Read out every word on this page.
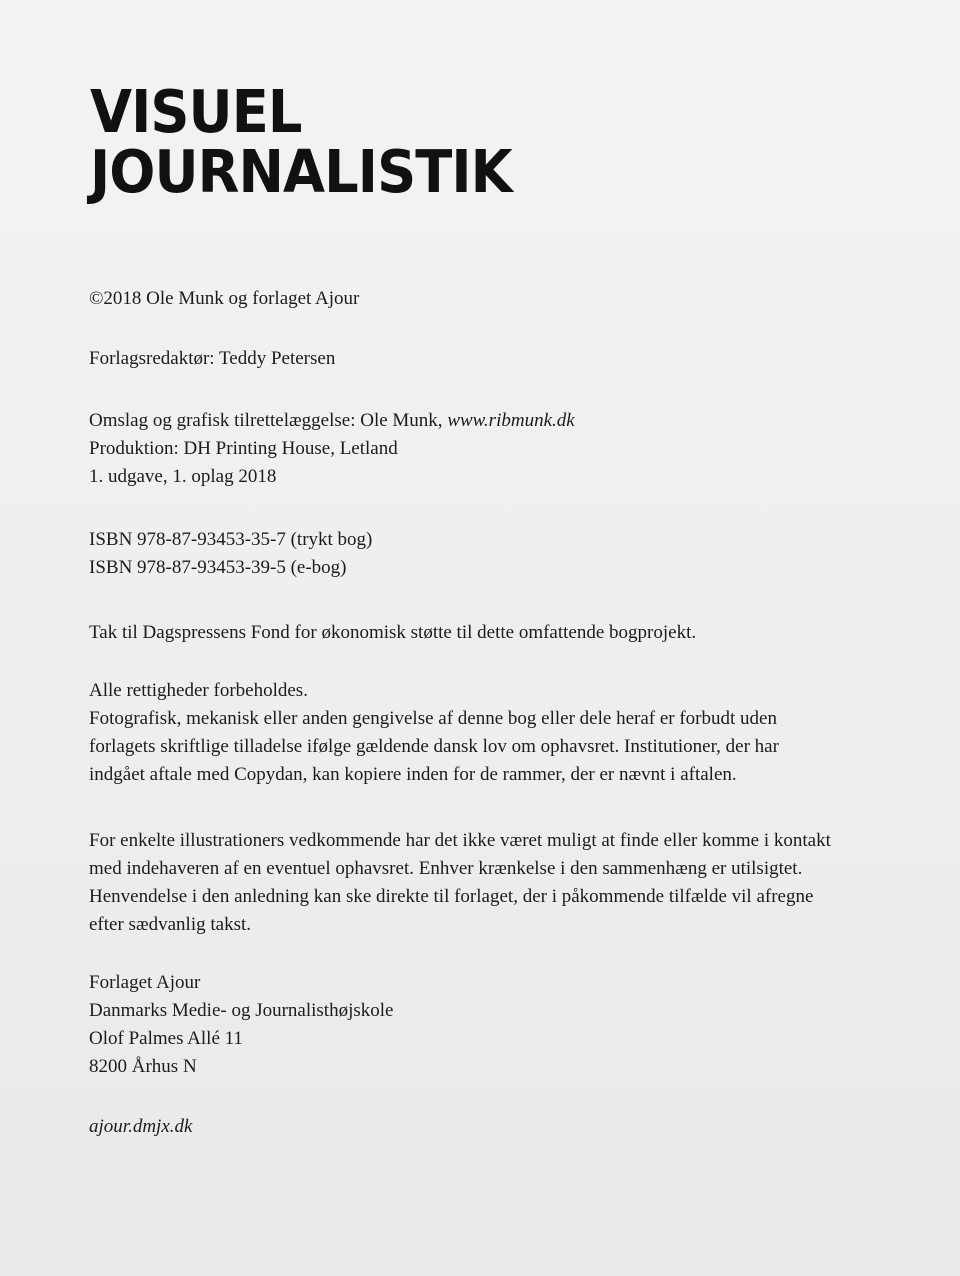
VISUEL
JOURNALISTIK
©2018 Ole Munk og forlaget Ajour
Forlagsredaktør: Teddy Petersen
Omslag og grafisk tilrettelæggelse: Ole Munk, www.ribmunk.dk
Produktion: DH Printing House, Letland
1. udgave, 1. oplag 2018
ISBN 978-87-93453-35-7 (trykt bog)
ISBN 978-87-93453-39-5 (e-bog)
Tak til Dagspressens Fond for økonomisk støtte til dette omfattende bogprojekt.
Alle rettigheder forbeholdes.
Fotografisk, mekanisk eller anden gengivelse af denne bog eller dele heraf er forbudt uden
forlagets skriftlige tilladelse ifølge gældende dansk lov om ophavsret. Institutioner, der har
indgået aftale med Copydan, kan kopiere inden for de rammer, der er nævnt i aftalen.
For enkelte illustrationers vedkommende har det ikke været muligt at finde eller komme i kontakt
med indehaveren af en eventuel ophavsret. Enhver krænkelse i den sammenhæng er utilsigtet.
Henvendelse i den anledning kan ske direkte til forlaget, der i påkommende tilfælde vil afregne
efter sædvanlig takst.
Forlaget Ajour
Danmarks Medie- og Journalisthøjskole
Olof Palmes Allé 11
8200 Århus N
ajour.dmjx.dk
